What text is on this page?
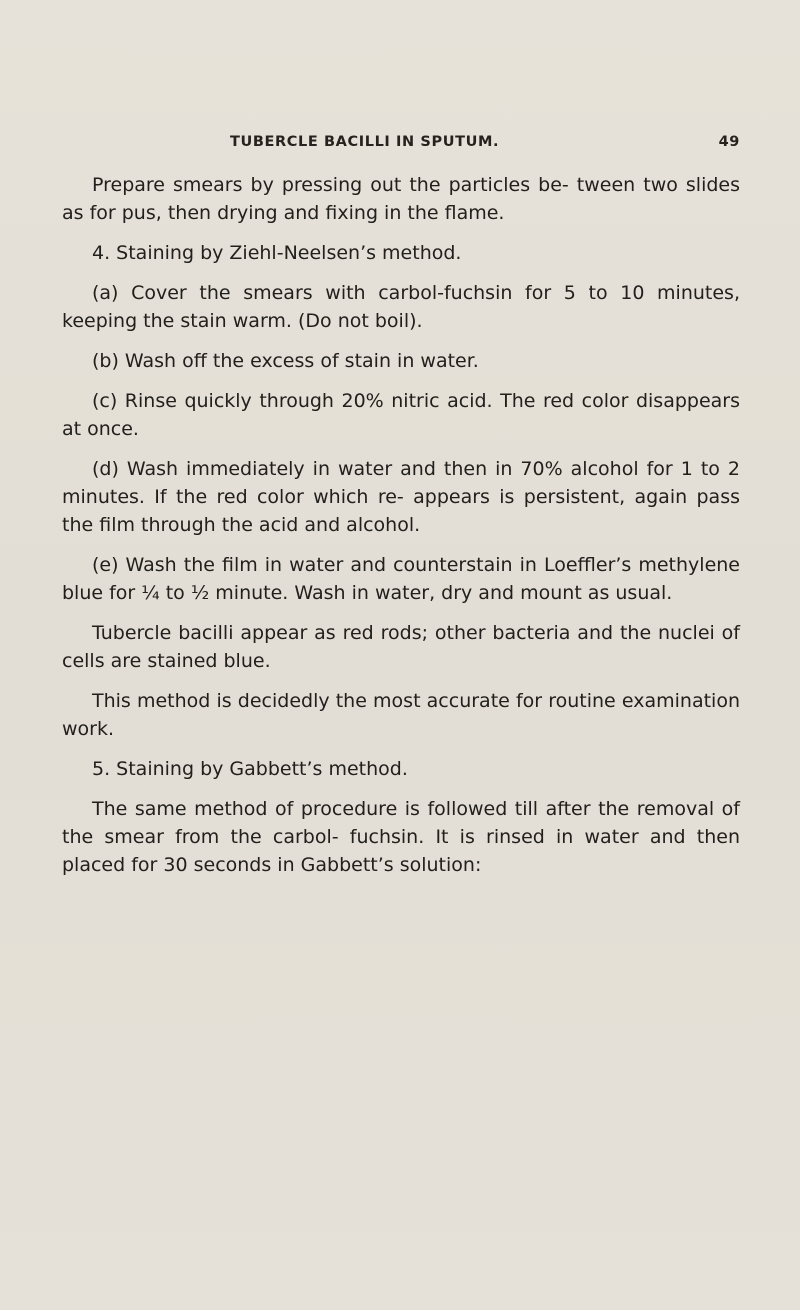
TUBERCLE BACILLI IN SPUTUM.	49

Prepare smears by pressing out the particles be- tween two slides as for pus, then drying and fixing in the flame.

4. Staining by Ziehl-Neelsen’s method.

(a) Cover the smears with carbol-fuchsin for 5 to 10 minutes, keeping the stain warm. (Do not boil).

(b) Wash off the excess of stain in water.

(c) Rinse quickly through 20% nitric acid. The red color disappears at once.

(d) Wash immediately in water and then in 70% alcohol for 1 to 2 minutes. If the red color which re- appears is persistent, again pass the film through the acid and alcohol.

(e) Wash the film in water and counterstain in Loeffler’s methylene blue for ¼ to ½ minute. Wash in water, dry and mount as usual.

Tubercle bacilli appear as red rods; other bacteria and the nuclei of cells are stained blue.

This method is decidedly the most accurate for routine examination work.

5. Staining by Gabbett’s method.

The same method of procedure is followed till after the removal of the smear from the carbol- fuchsin. It is rinsed in water and then placed for 30 seconds in Gabbett’s solution:
